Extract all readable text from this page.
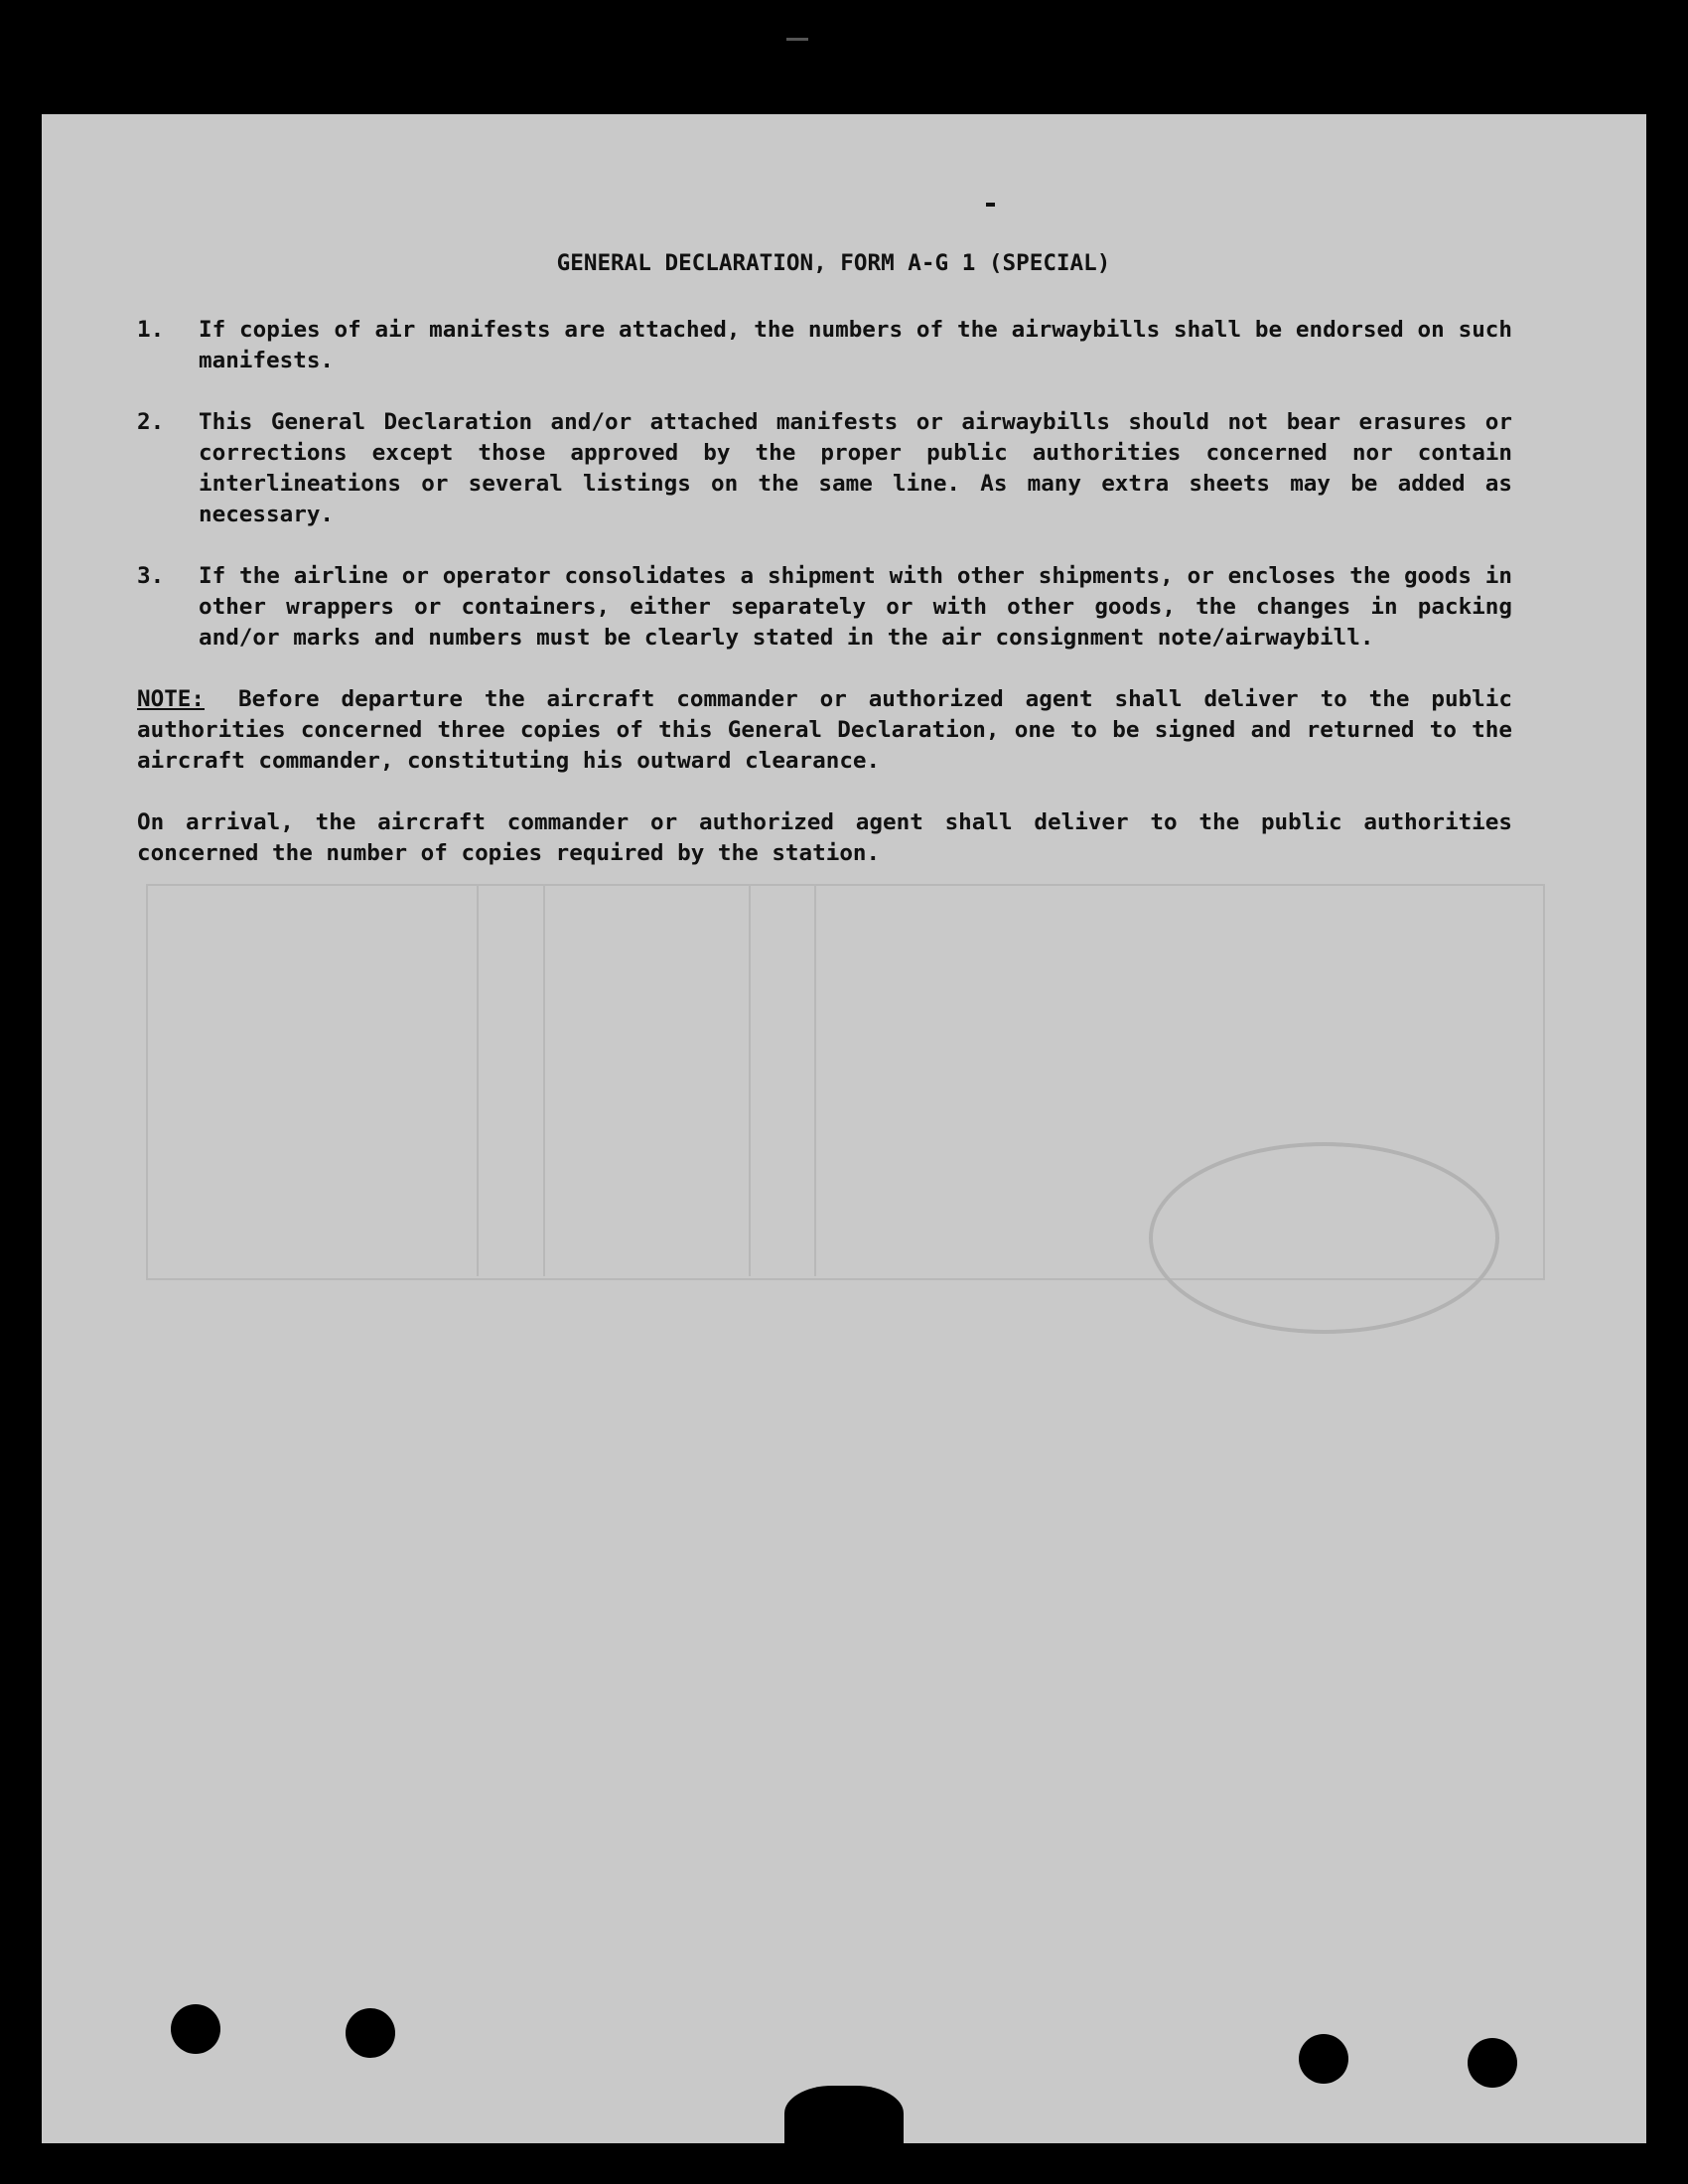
GENERAL DECLARATION, FORM A-G 1 (SPECIAL)
1.	If copies of air manifests are attached, the numbers of the airwaybills shall be endorsed on such manifests.
2.	This General Declaration and/or attached manifests or airwaybills should not bear erasures or corrections except those approved by the proper public authorities concerned nor contain interlineations or several listings on the same line. As many extra sheets may be added as necessary.
3.	If the airline or operator consolidates a shipment with other shipments, or encloses the goods in other wrappers or containers, either separately or with other goods, the changes in packing and/or marks and numbers must be clearly stated in the air consignment note/airwaybill.

NOTE: Before departure the aircraft commander or authorized agent shall deliver to the public authorities concerned three copies of this General Declaration, one to be signed and returned to the aircraft commander, constituting his outward clearance.

On arrival, the aircraft commander or authorized agent shall deliver to the public authorities concerned the number of copies required by the station.
